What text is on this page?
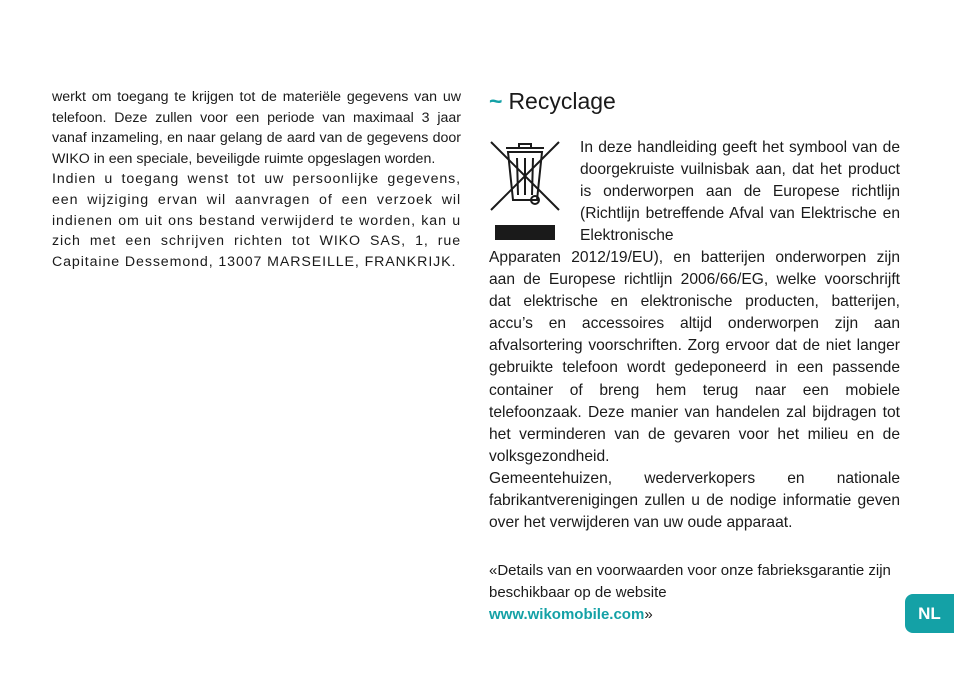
werkt om toegang te krijgen tot de materiële gegevens van uw telefoon. Deze zullen voor een periode van maximaal 3 jaar vanaf inzameling, en naar gelang de aard van de gegevens door WIKO in een speciale, beveiligde ruimte opgeslagen worden.

Indien u toegang wenst tot uw persoonlijke gegevens, een wijziging ervan wil aanvragen of een verzoek wil indienen om uit ons bestand verwijderd te worden, kan u zich met een schrijven richten tot WIKO SAS, 1, rue Capitaine Dessemond, 13007 MARSEILLE, FRANKRIJK.

~ Recyclage

In deze handleiding geeft het symbool van de doorgekruiste vuilnisbak aan, dat het product is onderworpen aan de Europese richtlijn (Richtlijn betreffende Afval van Elektrische en Elektronische

Apparaten 2012/19/EU), en batterijen onderworpen zijn aan de Europese richtlijn 2006/66/EG, welke voorschrijft dat elektrische en elektronische producten, batterijen, accu’s en accessoires altijd onderworpen zijn aan afvalsortering voorschriften. Zorg ervoor dat de niet langer gebruikte telefoon wordt gedeponeerd in een passende container of breng hem terug naar een mobiele telefoonzaak. Deze manier van handelen zal bijdragen tot het verminderen van de gevaren voor het milieu en de volksgezondheid.

Gemeentehuizen, wederverkopers en nationale fabrikantverenigingen zullen u de nodige informatie geven over het verwijderen van uw oude apparaat.

«Details van en voorwaarden voor onze fabrieksgarantie zijn beschikbaar op de website
www.wikomobile.com»	NL
